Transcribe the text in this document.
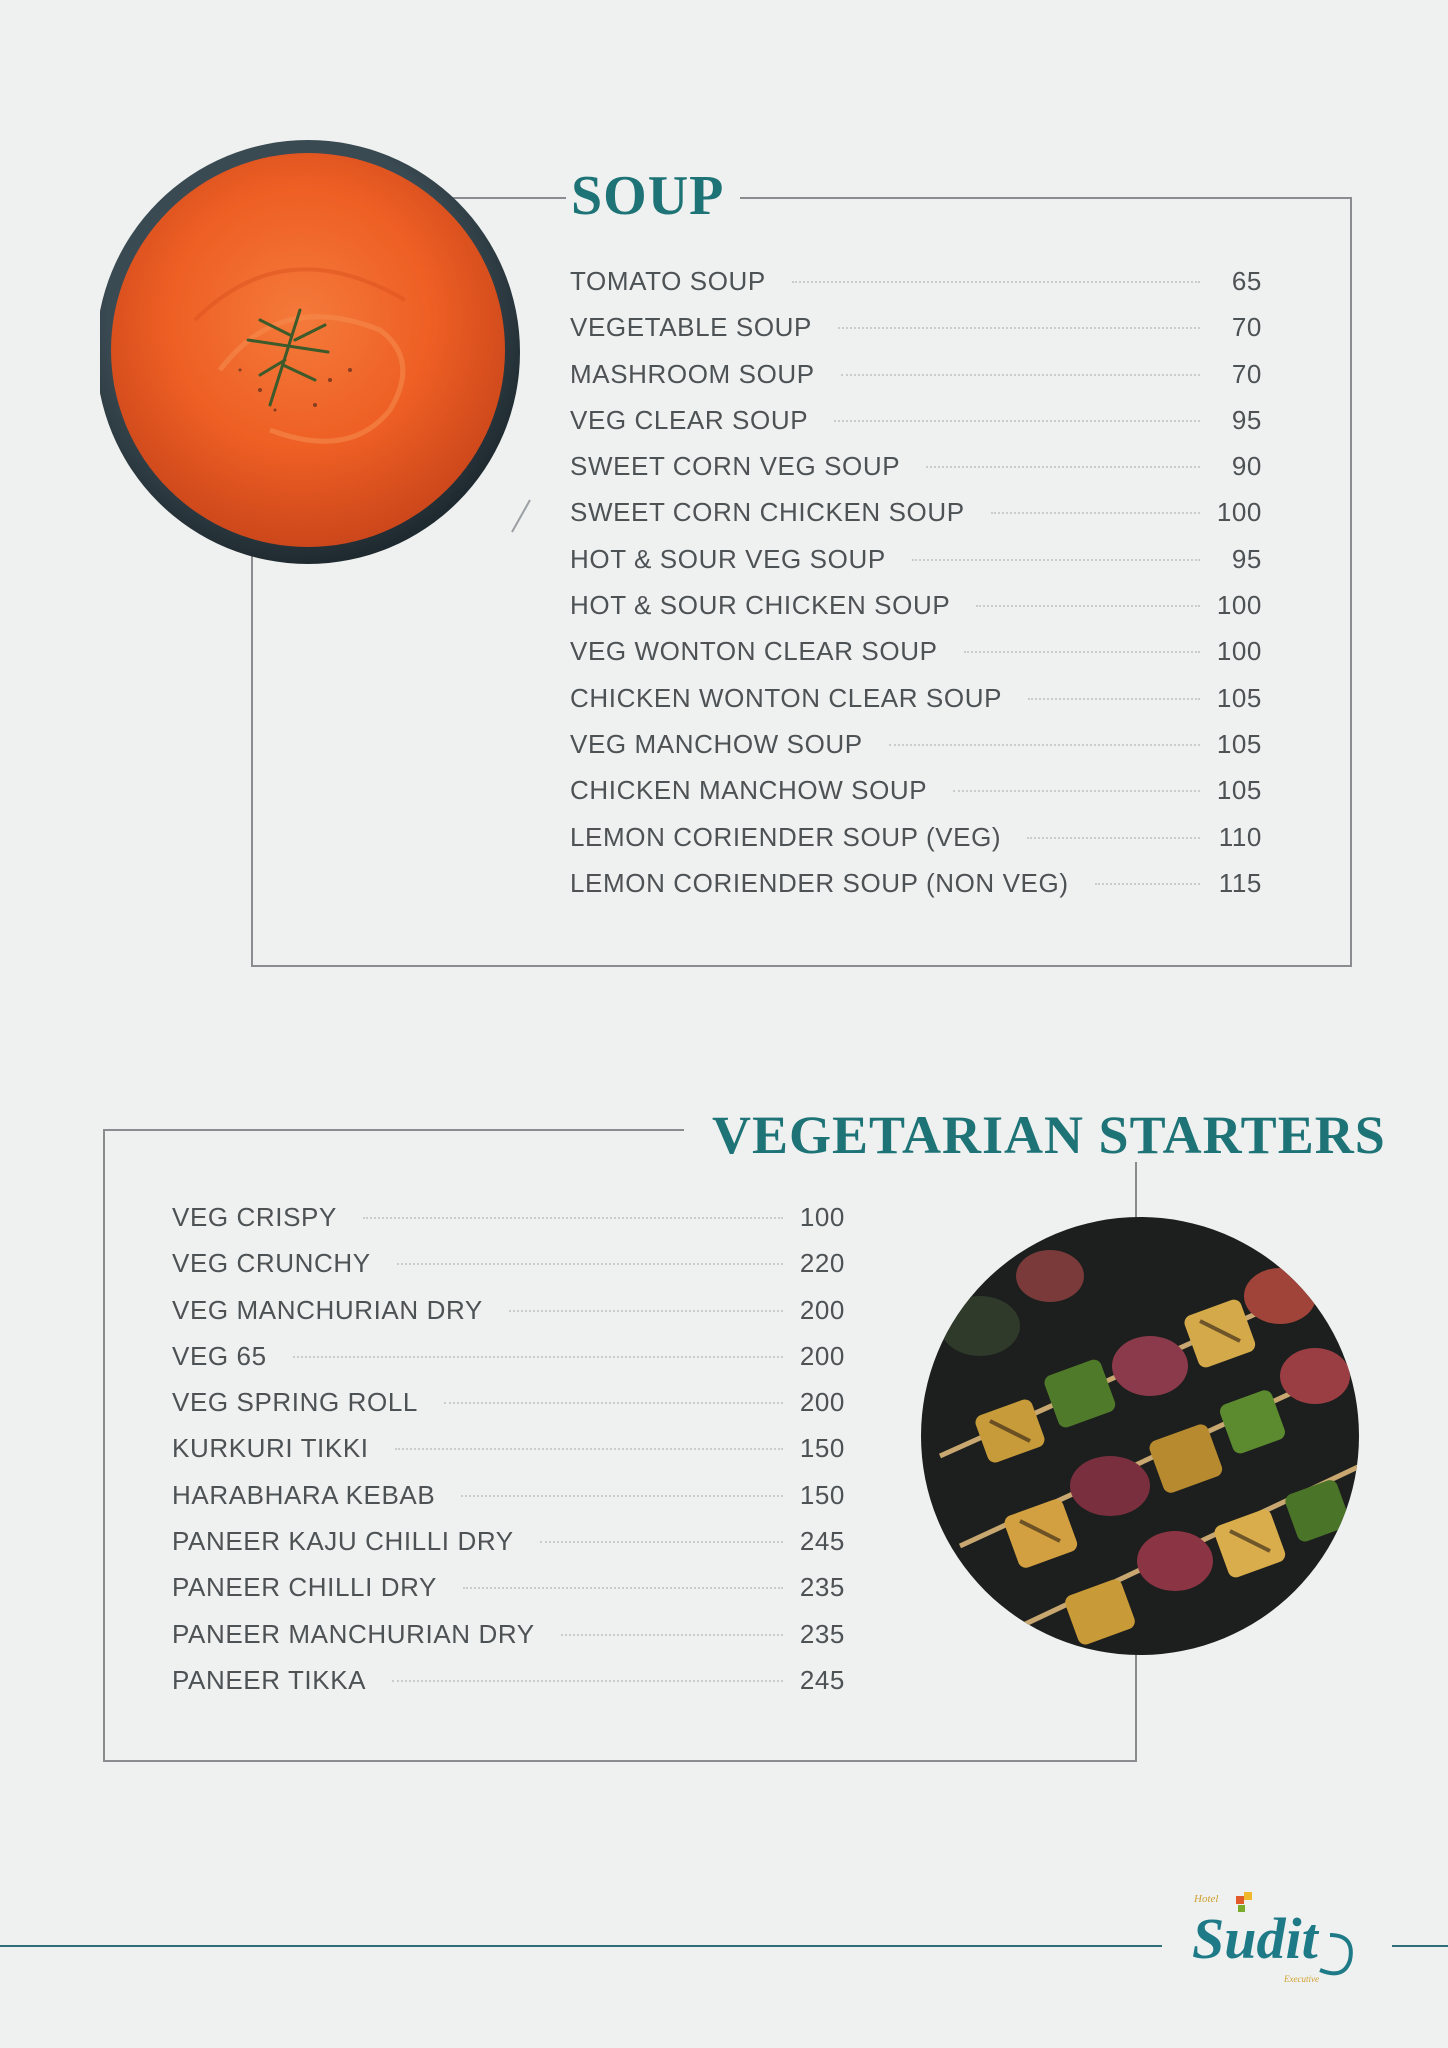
SOUP
TOMATO SOUP	65
VEGETABLE SOUP	70
MASHROOM SOUP	70
VEG CLEAR SOUP	95
SWEET CORN VEG SOUP	90
SWEET CORN CHICKEN SOUP	100
HOT & SOUR VEG SOUP	95
HOT & SOUR CHICKEN SOUP	100
VEG WONTON CLEAR SOUP	100
CHICKEN WONTON CLEAR SOUP	105
VEG MANCHOW SOUP	105
CHICKEN MANCHOW SOUP	105
LEMON CORIENDER SOUP (VEG)	110
LEMON CORIENDER SOUP (NON VEG)	115
VEGETARIAN STARTERS
VEG CRISPY	100
VEG CRUNCHY	220
VEG MANCHURIAN DRY	200
VEG 65	200
VEG SPRING ROLL	200
KURKURI TIKKI	150
HARABHARA KEBAB	150
PANEER KAJU CHILLI DRY	245
PANEER CHILLI DRY	235
PANEER MANCHURIAN DRY	235
PANEER TIKKA	245
Hotel
Sudit
Executive
